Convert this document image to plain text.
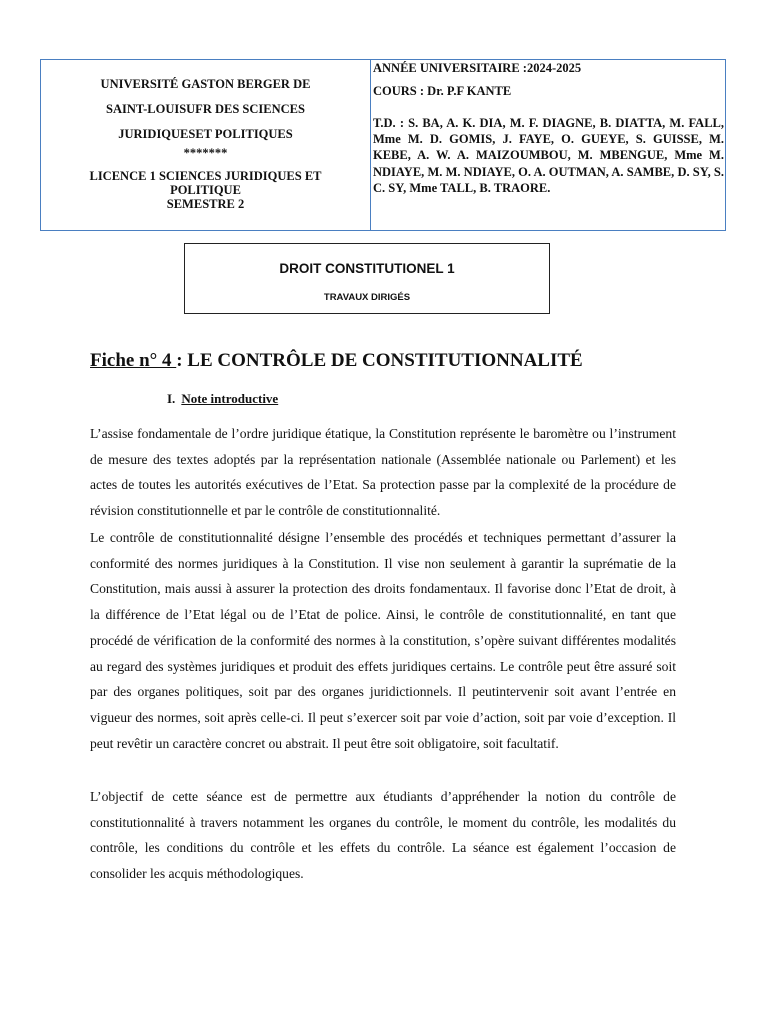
UNIVERSITÉ GASTON BERGER DE
SAINT-LOUISUFR DES SCIENCES
JURIDIQUESET POLITIQUES
*******
LICENCE 1 SCIENCES JURIDIQUES ET
POLITIQUE
SEMESTRE 2
ANNÉE UNIVERSITAIRE :2024-2025
COURS : Dr. P.F KANTE
T.D. : S. BA, A. K. DIA, M. F. DIAGNE, B. DIATTA, M. FALL, Mme M. D. GOMIS, J. FAYE, O. GUEYE, S. GUISSE, M. KEBE, A. W. A. MAIZOUMBOU, M. MBENGUE, Mme M. NDIAYE, M. M. NDIAYE, O. A. OUTMAN, A. SAMBE, D. SY, S. C. SY, Mme TALL, B. TRAORE.
DROIT CONSTITUTIONEL 1
TRAVAUX DIRIGÉS
Fiche n° 4 : LE CONTRÔLE DE CONSTITUTIONNALITÉ
I. Note introductive

L’assise fondamentale de l’ordre juridique étatique, la Constitution représente le baromètre ou l’instrument de mesure des textes adoptés par la représentation nationale (Assemblée nationale ou Parlement) et les actes de toutes les autorités exécutives de l’Etat. Sa protection passe par la complexité de la procédure de révision constitutionnelle et par le contrôle de constitutionnalité.

Le contrôle de constitutionnalité désigne l’ensemble des procédés et techniques permettant d’assurer la conformité des normes juridiques à la Constitution. Il vise non seulement à garantir la suprématie de la Constitution, mais aussi à assurer la protection des droits fondamentaux. Il favorise donc l’Etat de droit, à la différence de l’Etat légal ou de l’Etat de police. Ainsi, le contrôle de constitutionnalité, en tant que procédé de vérification de la conformité des normes à la constitution, s’opère suivant différentes modalités au regard des systèmes juridiques et produit des effets juridiques certains. Le contrôle peut être assuré soit par des organes politiques, soit par des organes juridictionnels. Il peutintervenir soit avant l’entrée en vigueur des normes, soit après celle-ci. Il peut s’exercer soit par voie d’action, soit par voie d’exception. Il peut revêtir un caractère concret ou abstrait. Il peut être soit obligatoire, soit facultatif.

L’objectif de cette séance est de permettre aux étudiants d’appréhender la notion du contrôle de constitutionnalité à travers notamment les organes du contrôle, le moment du contrôle, les modalités du contrôle, les conditions du contrôle et les effets du contrôle. La séance est également l’occasion de consolider les acquis méthodologiques.
